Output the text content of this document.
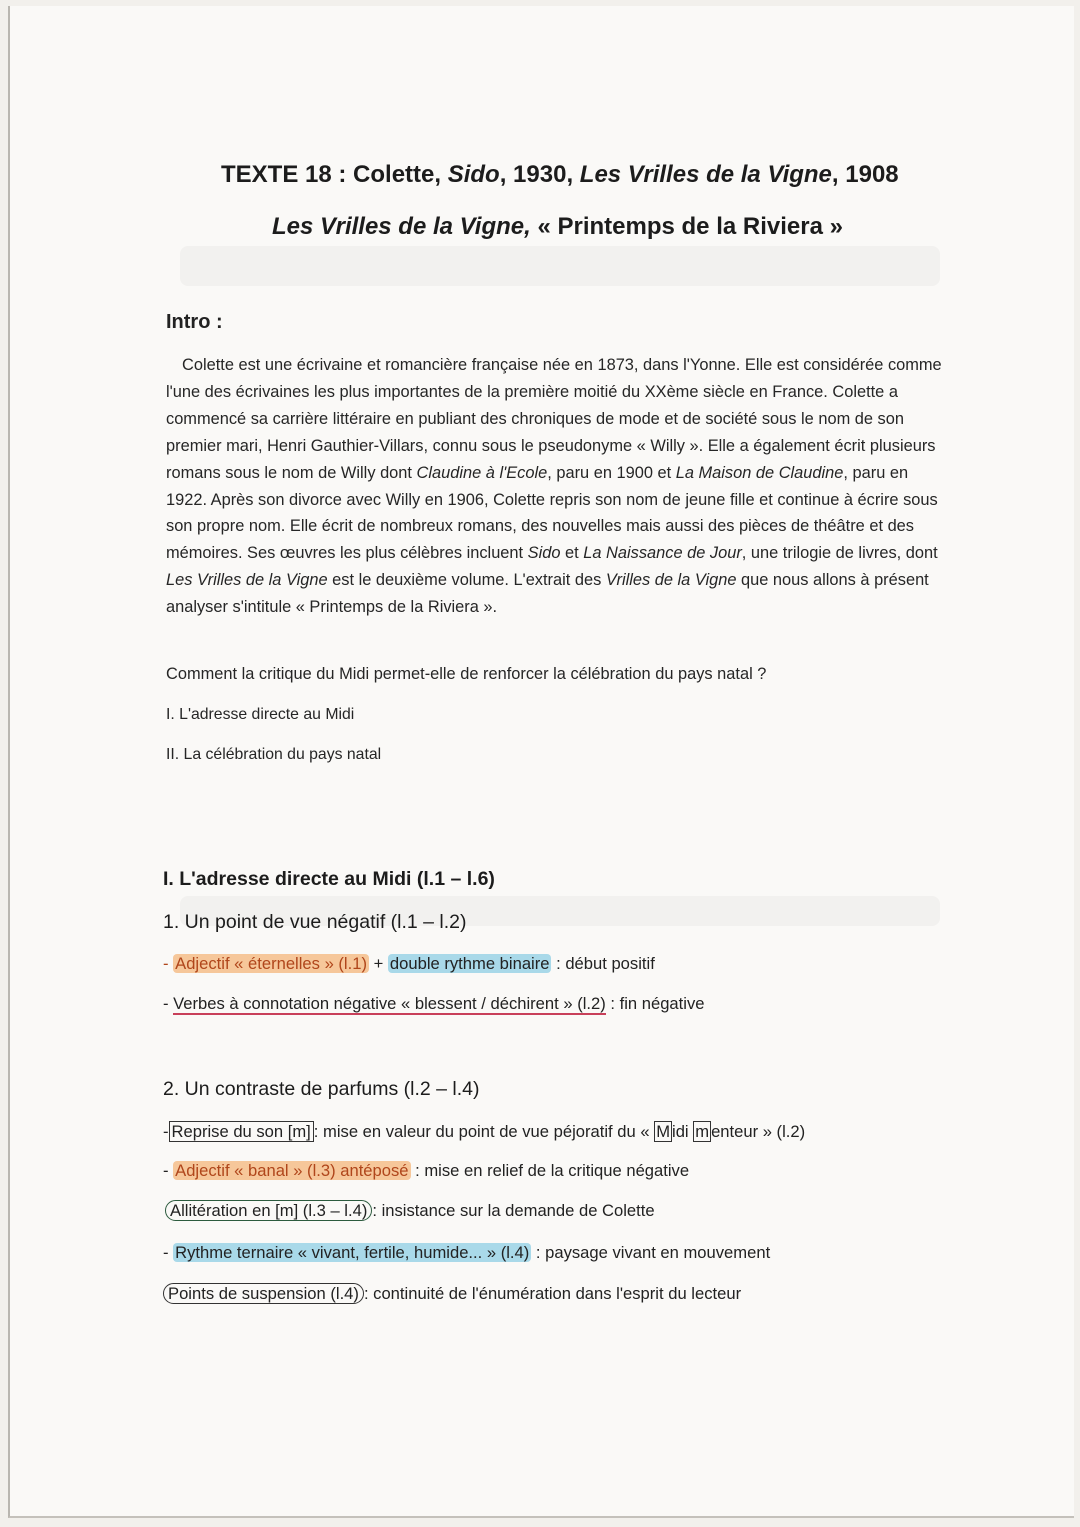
TEXTE 18 : Colette, Sido, 1930, Les Vrilles de la Vigne, 1908
Les Vrilles de la Vigne, « Printemps de la Riviera »
Intro :

Colette est une écrivaine et romancière française née en 1873, dans l'Yonne. Elle est considérée comme l'une des écrivaines les plus importantes de la première moitié du XXème siècle en France. Colette a commencé sa carrière littéraire en publiant des chroniques de mode et de société sous le nom de son premier mari, Henri Gauthier-Villars, connu sous le pseudonyme « Willy ». Elle a également écrit plusieurs romans sous le nom de Willy dont Claudine à l'Ecole, paru en 1900 et La Maison de Claudine, paru en 1922. Après son divorce avec Willy en 1906, Colette repris son nom de jeune fille et continue à écrire sous son propre nom. Elle écrit de nombreux romans, des nouvelles mais aussi des pièces de théâtre et des mémoires. Ses œuvres les plus célèbres incluent Sido et La Naissance de Jour, une trilogie de livres, dont Les Vrilles de la Vigne est le deuxième volume. L'extrait des Vrilles de la Vigne que nous allons à présent analyser s'intitule « Printemps de la Riviera ».

Comment la critique du Midi permet-elle de renforcer la célébration du pays natal ?
I. L'adresse directe au Midi
II. La célébration du pays natal
I. L'adresse directe au Midi (l.1 – l.6)
1. Un point de vue négatif (l.1 – l.2)
- Adjectif « éternelles » (l.1) + double rythme binaire : début positif
- Verbes à connotation négative « blessent / déchirent » (l.2) : fin négative
2. Un contraste de parfums (l.2 – l.4)
- Reprise du son [m] : mise en valeur du point de vue péjoratif du « M idi m enteur » (l.2)
- Adjectif « banal » (l.3) antéposé : mise en relief de la critique négative
Allitération en [m] (l.3 – l.4) : insistance sur la demande de Colette
- Rythme ternaire « vivant, fertile, humide... » (l.4) : paysage vivant en mouvement
Points de suspension (l.4) : continuité de l'énumération dans l'esprit du lecteur
